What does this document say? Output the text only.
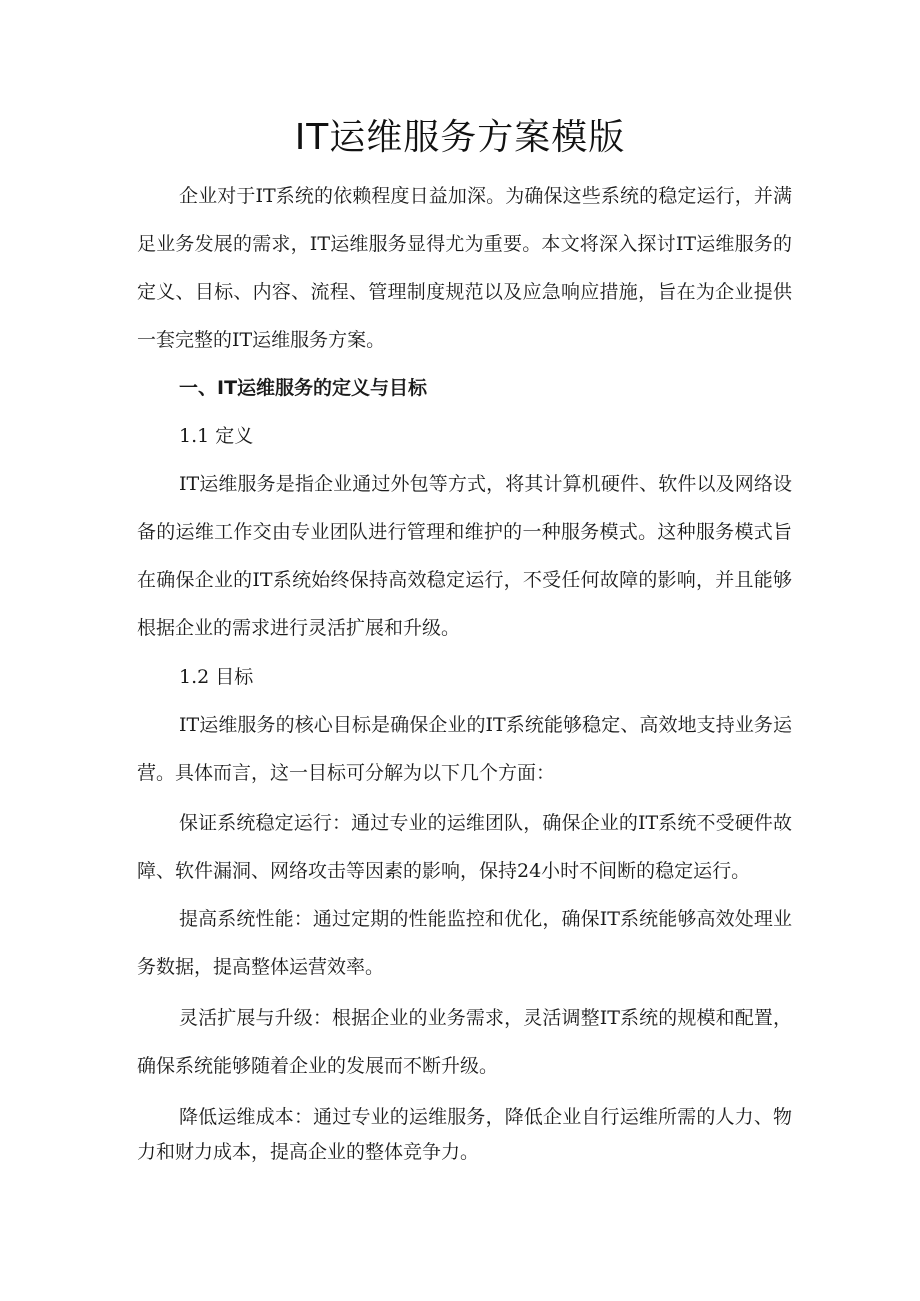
IT运维服务方案模版

企业对于IT系统的依赖程度日益加深。为确保这些系统的稳定运行，并满足业务发展的需求，IT运维服务显得尤为重要。本文将深入探讨IT运维服务的定义、目标、内容、流程、管理制度规范以及应急响应措施，旨在为企业提供一套完整的IT运维服务方案。

一、IT运维服务的定义与目标
1.1 定义

IT运维服务是指企业通过外包等方式，将其计算机硬件、软件以及网络设备的运维工作交由专业团队进行管理和维护的一种服务模式。这种服务模式旨在确保企业的IT系统始终保持高效稳定运行，不受任何故障的影响，并且能够根据企业的需求进行灵活扩展和升级。

1.2 目标

IT运维服务的核心目标是确保企业的IT系统能够稳定、高效地支持业务运营。具体而言，这一目标可分解为以下几个方面：

保证系统稳定运行：通过专业的运维团队，确保企业的IT系统不受硬件故障、软件漏洞、网络攻击等因素的影响，保持24小时不间断的稳定运行。

提高系统性能：通过定期的性能监控和优化，确保IT系统能够高效处理业务数据，提高整体运营效率。

灵活扩展与升级：根据企业的业务需求，灵活调整IT系统的规模和配置，确保系统能够随着企业的发展而不断升级。

降低运维成本：通过专业的运维服务，降低企业自行运维所需的人力、物力和财力成本，提高企业的整体竞争力。
